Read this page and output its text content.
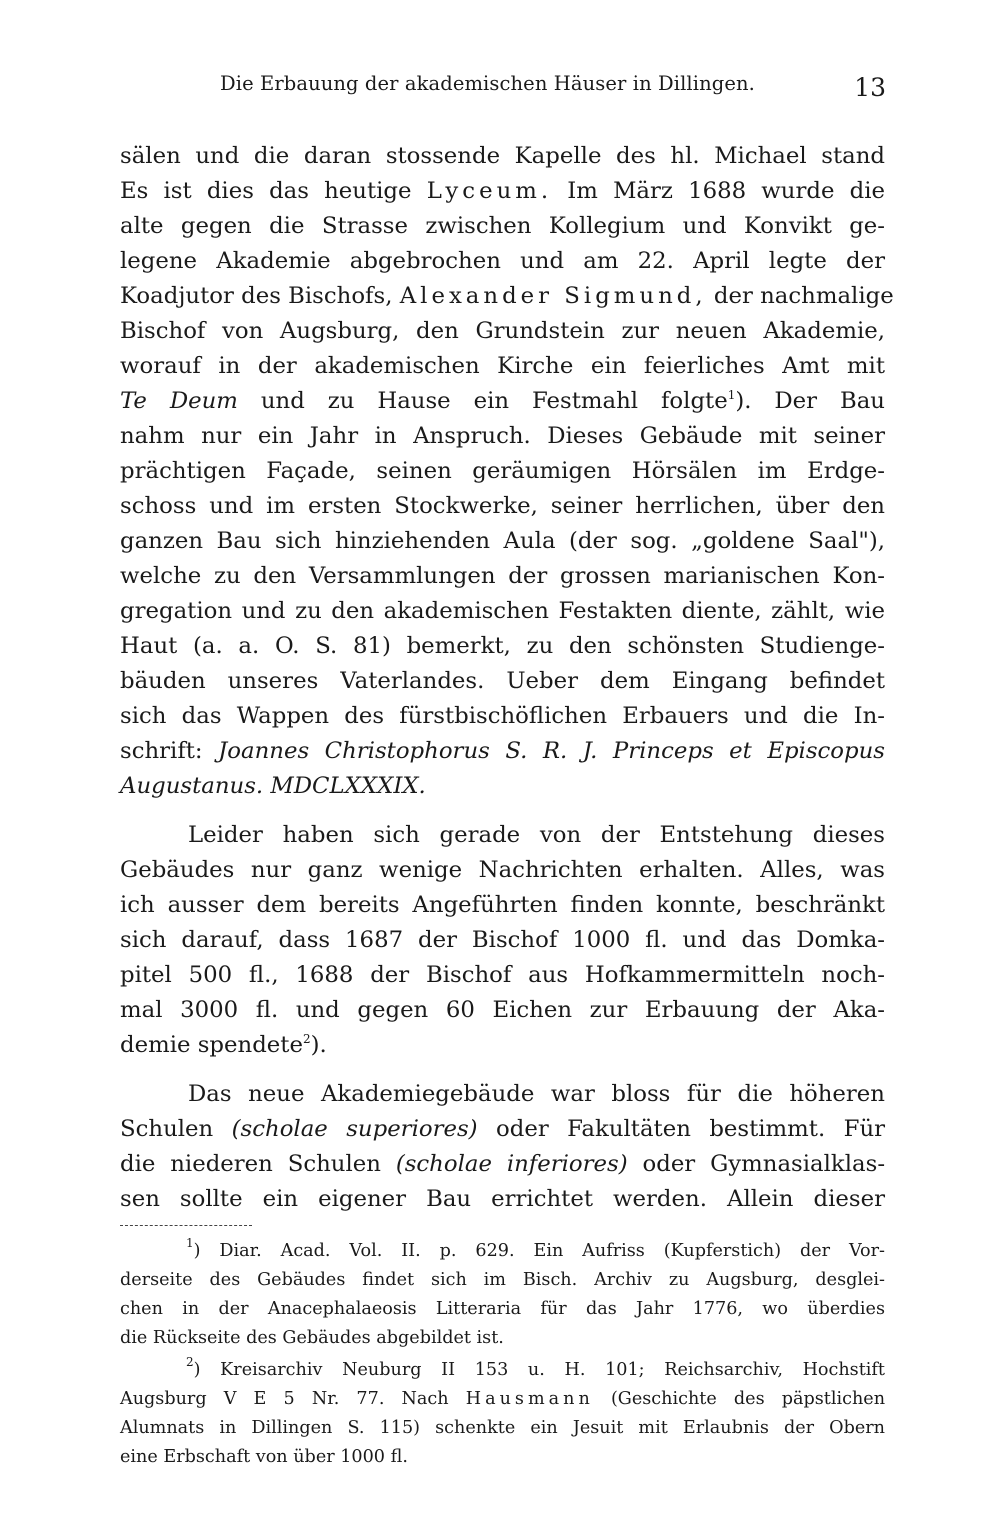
Die Erbauung der akademischen Häuser in Dillingen.	13
sälen und die daran stossende Kapelle des hl. Michael stand
Es ist dies das heutige Lyceum. Im März 1688 wurde die
alte gegen die Strasse zwischen Kollegium und Konvikt ge-
legene Akademie abgebrochen und am 22. April legte der
Koadjutor des Bischofs, Alexander Sigmund, der nachmalige
Bischof von Augsburg, den Grundstein zur neuen Akademie,
worauf in der akademischen Kirche ein feierliches Amt mit
Te Deum und zu Hause ein Festmahl folgte$^1$). Der Bau
nahm nur ein Jahr in Anspruch. Dieses Gebäude mit seiner
prächtigen Façade, seinen geräumigen Hörsälen im Erdge-
schoss und im ersten Stockwerke, seiner herrlichen, über den
ganzen Bau sich hinziehenden Aula (der sog. „goldene Saal"),
welche zu den Versammlungen der grossen marianischen Kon-
gregation und zu den akademischen Festakten diente, zählt, wie
Haut (a. a. O. S. 81) bemerkt, zu den schönsten Studienge-
bäuden unseres Vaterlandes. Ueber dem Eingang befindet
sich das Wappen des fürstbischöflichen Erbauers und die In-
schrift: Joannes Christophorus S. R. J. Princeps et Episcopus
Augustanus. MDCLXXXIX.
Leider haben sich gerade von der Entstehung dieses
Gebäudes nur ganz wenige Nachrichten erhalten. Alles, was
ich ausser dem bereits Angeführten finden konnte, beschränkt
sich darauf, dass 1687 der Bischof 1000 fl. und das Domka-
pitel 500 fl., 1688 der Bischof aus Hofkammermitteln noch-
mal 3000 fl. und gegen 60 Eichen zur Erbauung der Aka-
demie spendete$^2$).
Das neue Akademiegebäude war bloss für die höheren
Schulen (scholae superiores) oder Fakultäten bestimmt. Für
die niederen Schulen (scholae inferiores) oder Gymnasialklas-
sen sollte ein eigener Bau errichtet werden. Allein dieser
$^1$) Diar. Acad. Vol. II. p. 629. Ein Aufriss (Kupferstich) der Vor-
derseite des Gebäudes findet sich im Bisch. Archiv zu Augsburg, desglei-
chen in der Anacephalaeosis Litteraria für das Jahr 1776, wo überdies
die Rückseite des Gebäudes abgebildet ist.
$^2$) Kreisarchiv Neuburg II 153 u. H. 101; Reichsarchiv, Hochstift
Augsburg V E 5 Nr. 77. Nach Hausmann (Geschichte des päpstlichen
Alumnats in Dillingen S. 115) schenkte ein Jesuit mit Erlaubnis der Obern
eine Erbschaft von über 1000 fl.
